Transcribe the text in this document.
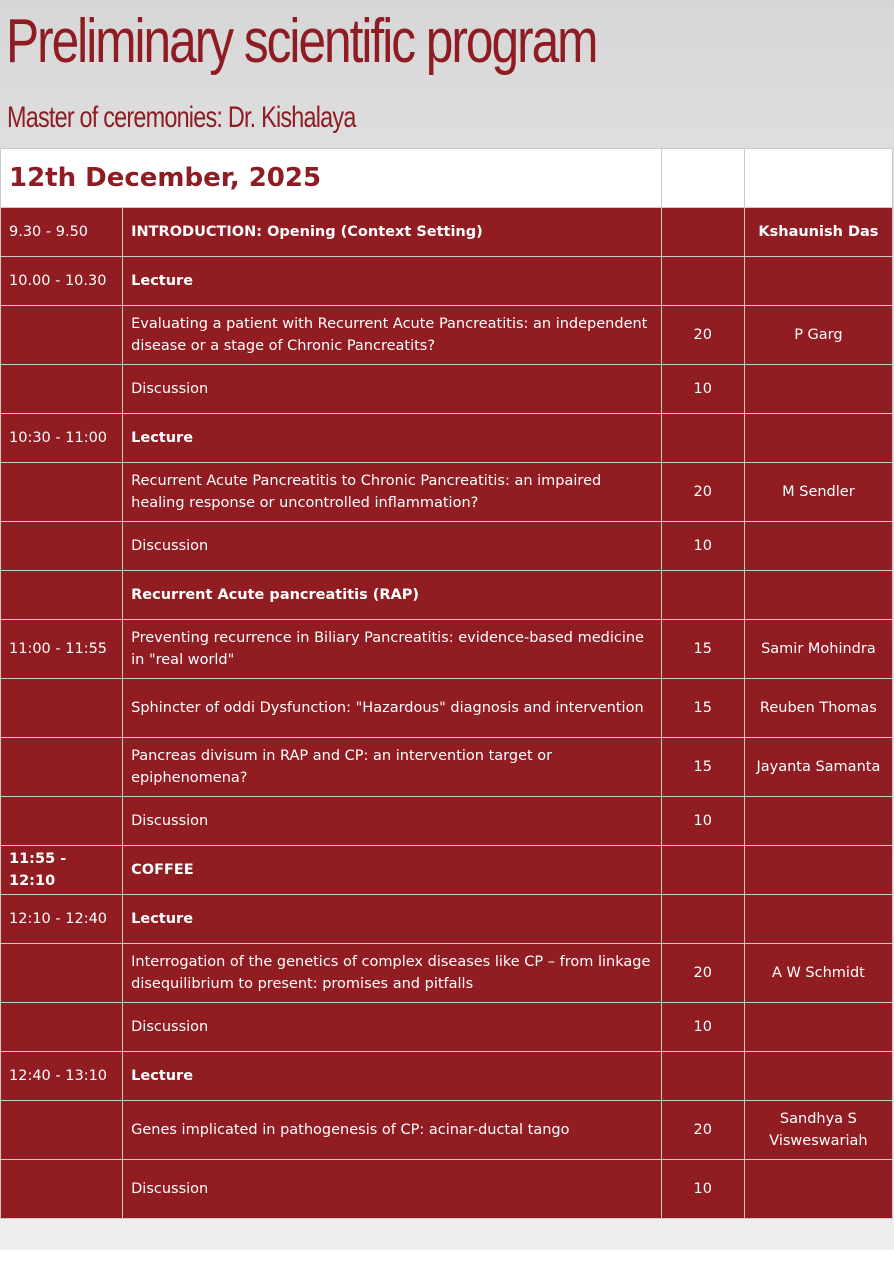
Preliminary scientific program
Master of ceremonies: Dr. Kishalaya
12th December, 2025			
9.30 - 9.50	INTRODUCTION: Opening (Context Setting)		Kshaunish Das
10.00 - 10.30	Lecture		
	Evaluating a patient with Recurrent Acute Pancreatitis: an independent disease or a stage of Chronic Pancreatits?	20	P Garg
	Discussion	10	
10:30 - 11:00	Lecture		
	Recurrent Acute Pancreatitis to Chronic Pancreatitis: an impaired healing response or uncontrolled inflammation?	20	M Sendler
	Discussion	10	
	Recurrent Acute pancreatitis (RAP)		
11:00 - 11:55	Preventing recurrence in Biliary Pancreatitis: evidence-based medicine in "real world"	15	Samir Mohindra
	Sphincter of oddi Dysfunction: "Hazardous" diagnosis and intervention	15	Reuben Thomas
	Pancreas divisum in RAP and CP: an intervention target or epiphenomena?	15	Jayanta Samanta
	Discussion	10	
11:55 - 12:10	COFFEE		
12:10 - 12:40	Lecture		
	Interrogation of the genetics of complex diseases like CP – from linkage disequilibrium to present: promises and pitfalls	20	A W Schmidt
	Discussion	10	
12:40 - 13:10	Lecture		
	Genes implicated in pathogenesis of CP: acinar-ductal tango	20	Sandhya S Visweswariah
	Discussion	10	
